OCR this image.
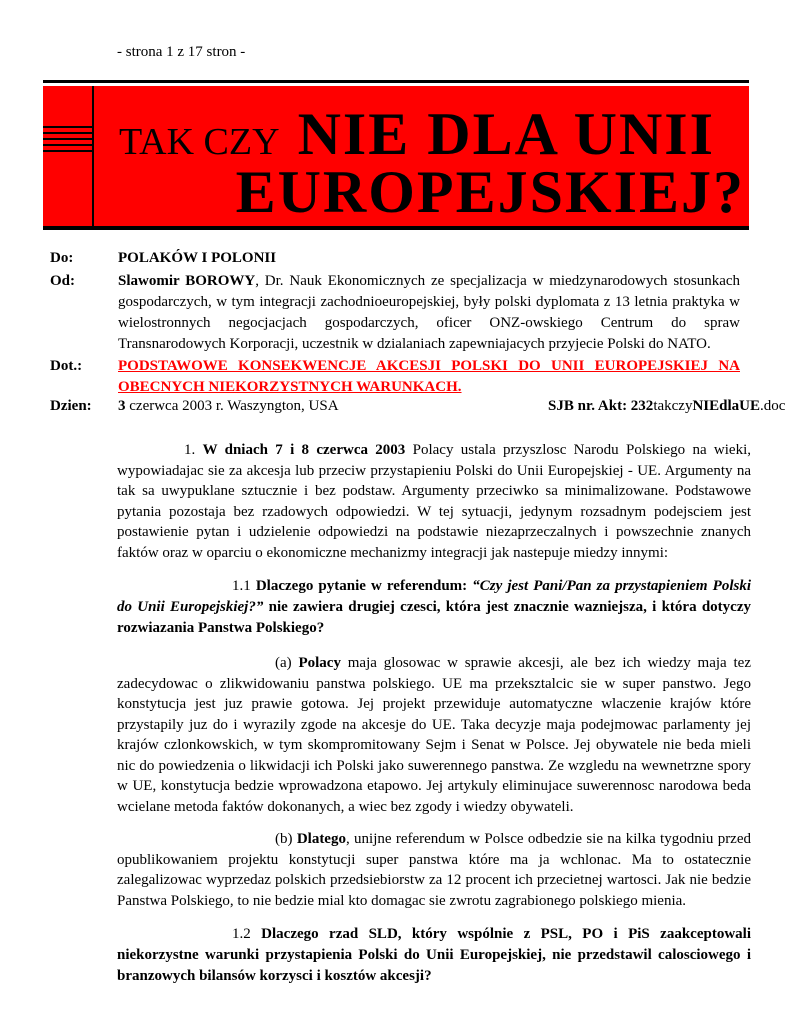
- strona 1 z 17 stron -
TAK CZY NIE DLA UNII
EUROPEJSKIEJ?
Do:	POLAKÓW I POLONII
Od:	Slawomir BOROWY, Dr. Nauk Ekonomicznych ze specjalizacja w miedzynarodowych stosunkach gospodarczych, w tym integracji zachodnioeuropejskiej, były polski dyplomata z 13 letnia praktyka w wielostronnych negocjacjach gospodarczych, oficer ONZ-owskiego Centrum do spraw Transnarodowych Korporacji, uczestnik w dzialaniach zapewniajacych przyjecie Polski do NATO.
Dot.:	PODSTAWOWE KONSEKWENCJE AKCESJI POLSKI DO UNII EUROPEJSKIEJ NA OBECNYCH NIEKORZYSTNYCH WARUNKACH.
Dzien:	3 czerwca 2003 r. Waszyngton, USA	SJB nr. Akt: 232takczyNIEdlaUE.doc
1. W dniach 7 i 8 czerwca 2003 Polacy ustala przyszlosc Narodu Polskiego na wieki, wypowiadajac sie za akcesja lub przeciw przystapieniu Polski do Unii Europejskiej - UE. Argumenty na tak sa uwypuklane sztucznie i bez podstaw. Argumenty przeciwko sa minimalizowane. Podstawowe pytania pozostaja bez rzadowych odpowiedzi. W tej sytuacji, jedynym rozsadnym podejsciem jest postawienie pytan i udzielenie odpowiedzi na podstawie niezaprzeczalnych i powszechnie znanych faktów oraz w oparciu o ekonomiczne mechanizmy integracji jak nastepuje miedzy innymi:
1.1 Dlaczego pytanie w referendum: “Czy jest Pani/Pan za przystapieniem Polski do Unii Europejskiej?” nie zawiera drugiej czesci, która jest znacznie wazniejsza, i która dotyczy rozwiazania Panstwa Polskiego?
(a) Polacy maja glosowac w sprawie akcesji, ale bez ich wiedzy maja tez zadecydowac o zlikwidowaniu panstwa polskiego. UE ma przeksztalcic sie w super panstwo. Jego konstytucja jest juz prawie gotowa. Jej projekt przewiduje automatyczne wlaczenie krajów które przystapily juz do i wyrazily zgode na akcesje do UE. Taka decyzje maja podejmowac parlamenty jej krajów czlonkowskich, w tym skompromitowany Sejm i Senat w Polsce. Jej obywatele nie beda mieli nic do powiedzenia o likwidacji ich Polski jako suwerennego panstwa. Ze wzgledu na wewnetrzne spory w UE, konstytucja bedzie wprowadzona etapowo. Jej artykuly eliminujace suwerennosc narodowa beda wcielane metoda faktów dokonanych, a wiec bez zgody i wiedzy obywateli.
(b) Dlatego, unijne referendum w Polsce odbedzie sie na kilka tygodniu przed opublikowaniem projektu konstytucji super panstwa które ma ja wchlonac. Ma to ostatecznie zalegalizowac wyprzedaz polskich przedsiebiorstw za 12 procent ich przecietnej wartosci. Jak nie bedzie Panstwa Polskiego, to nie bedzie mial kto domagac sie zwrotu zagrabionego polskiego mienia.
1.2 Dlaczego rzad SLD, który wspólnie z PSL, PO i PiS zaakceptowali niekorzystne warunki przystapienia Polski do Unii Europejskiej, nie przedstawil calosciowego i branzowych bilansów korzysci i kosztów akcesji?
